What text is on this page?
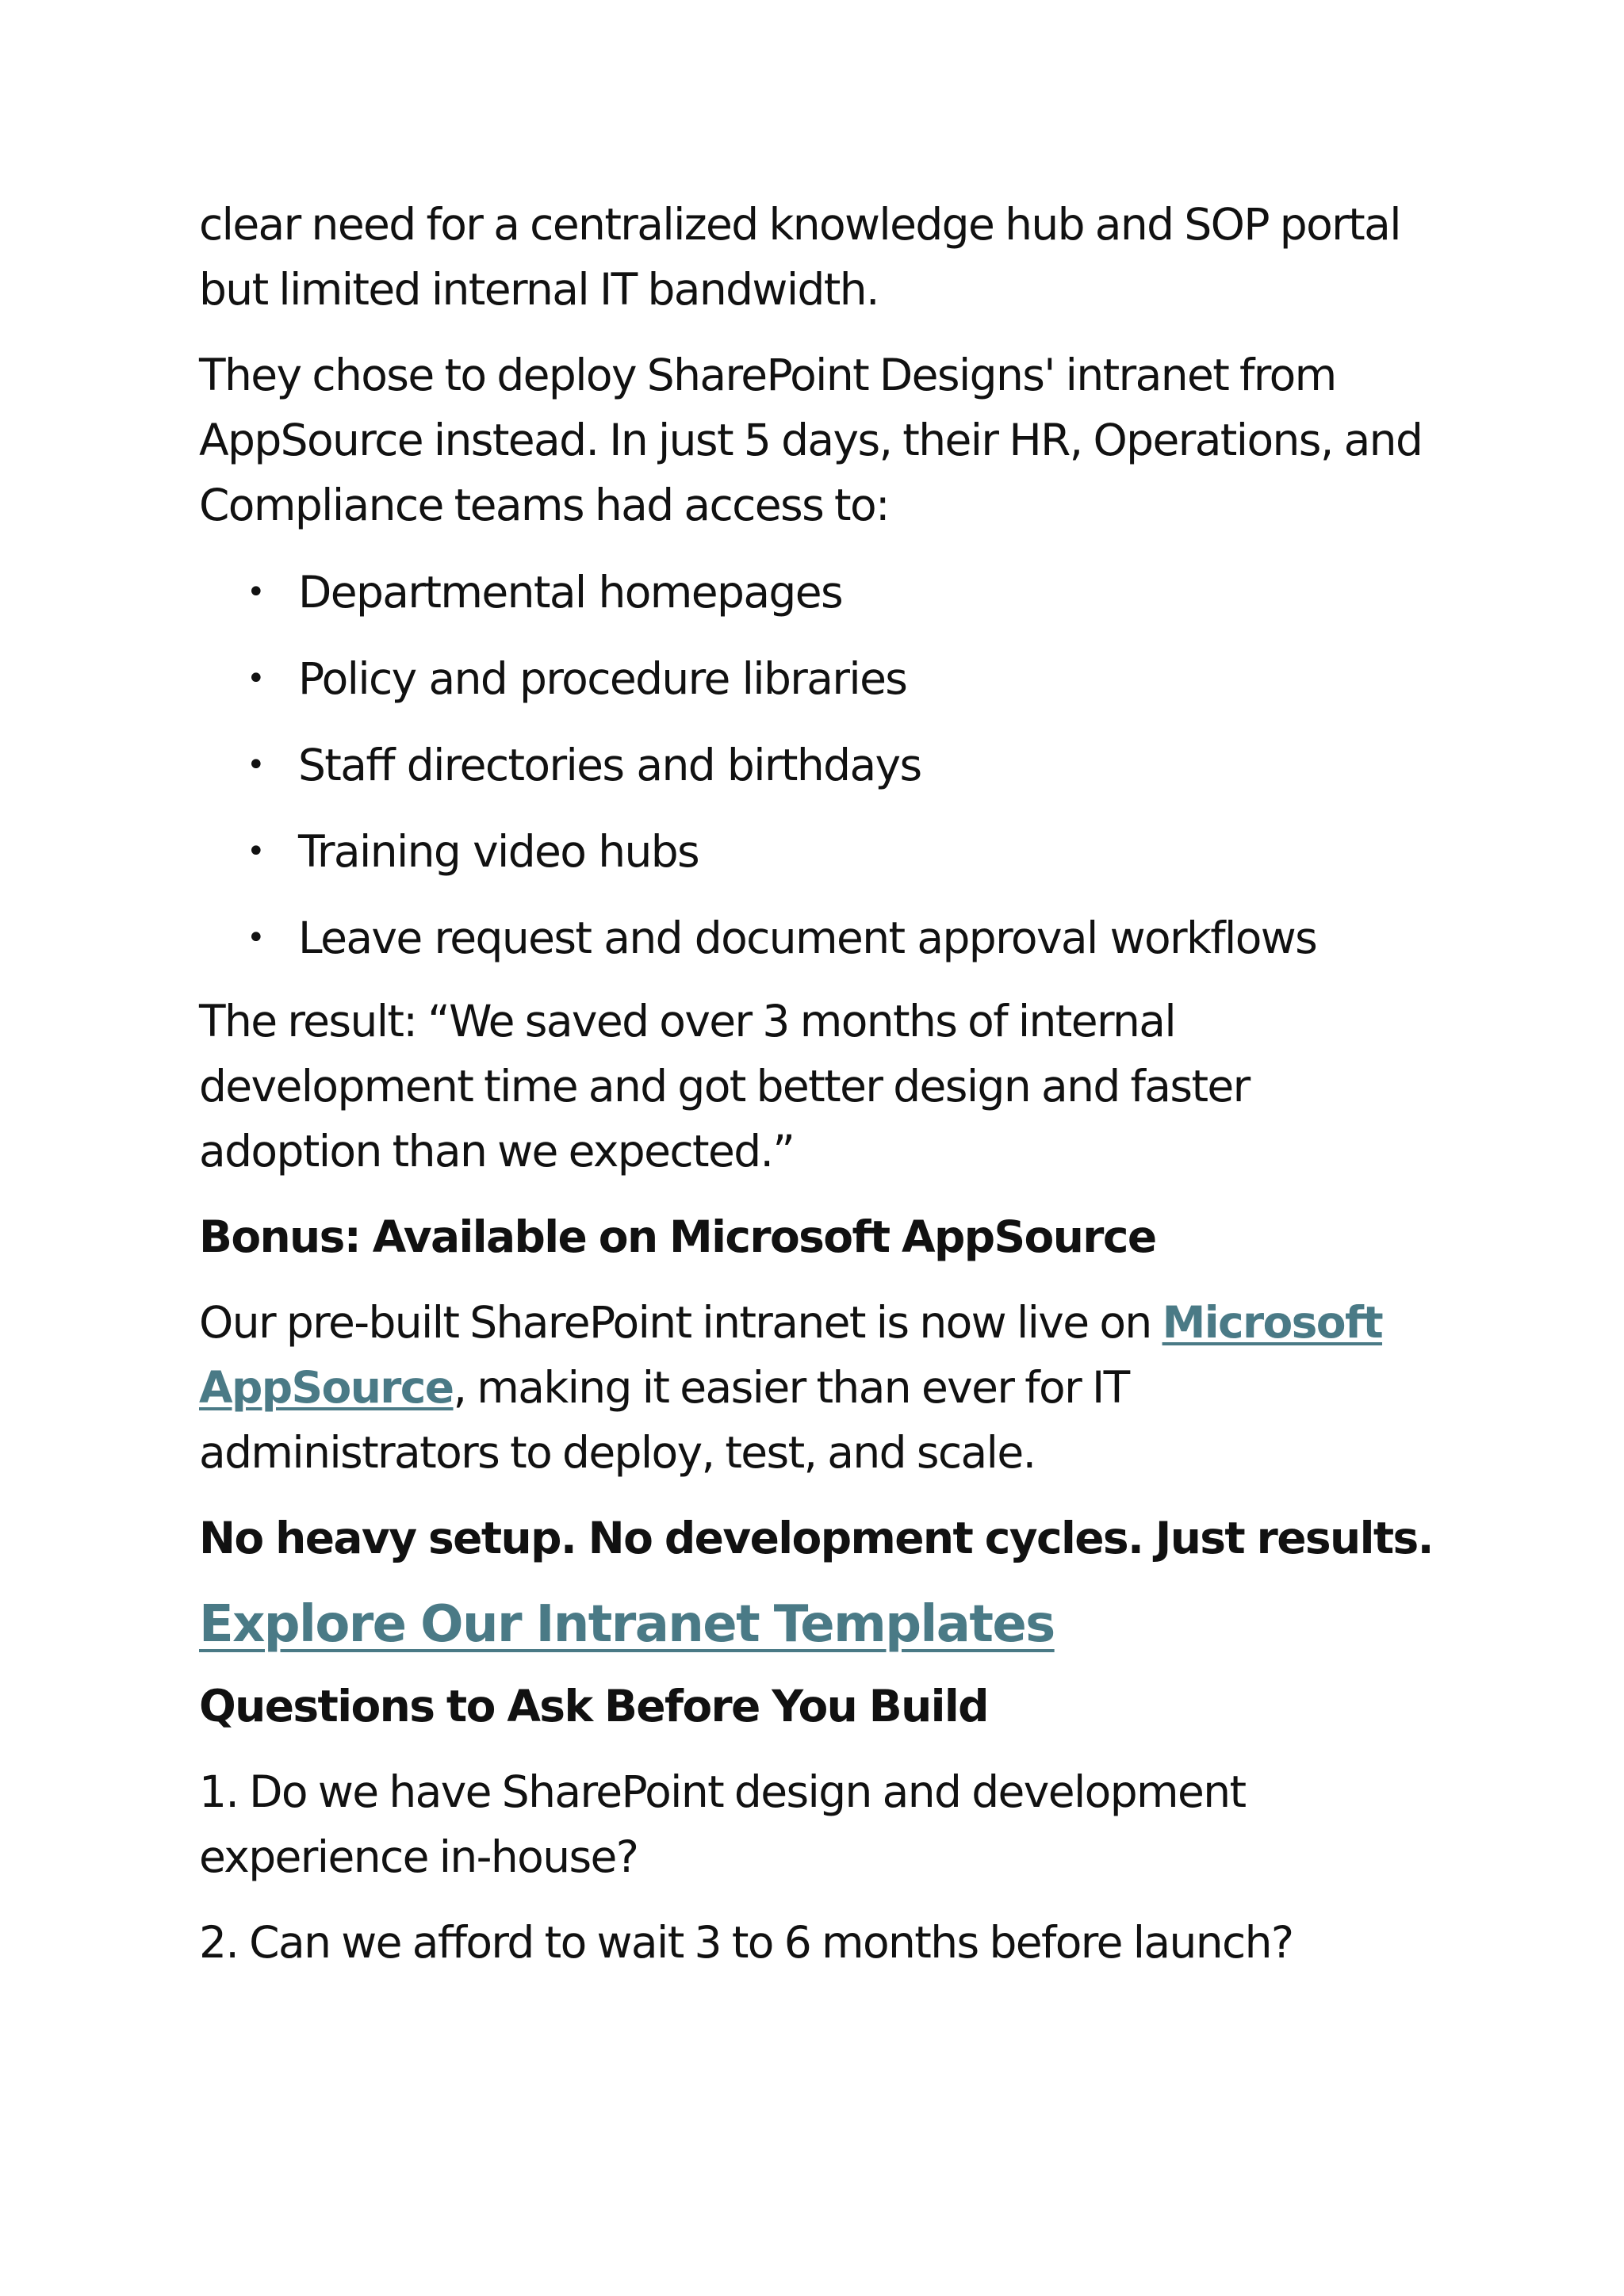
clear need for a centralized knowledge hub and SOP portal but limited internal IT bandwidth.

They chose to deploy SharePoint Designs' intranet from AppSource instead. In just 5 days, their HR, Operations, and Compliance teams had access to:

• Departmental homepages
• Policy and procedure libraries
• Staff directories and birthdays
• Training video hubs
• Leave request and document approval workflows

The result: “We saved over 3 months of internal development time and got better design and faster adoption than we expected.”

Bonus: Available on Microsoft AppSource

Our pre-built SharePoint intranet is now live on Microsoft AppSource, making it easier than ever for IT administrators to deploy, test, and scale.

No heavy setup. No development cycles. Just results.

Explore Our Intranet Templates

Questions to Ask Before You Build

1. Do we have SharePoint design and development experience in-house?

2. Can we afford to wait 3 to 6 months before launch?
